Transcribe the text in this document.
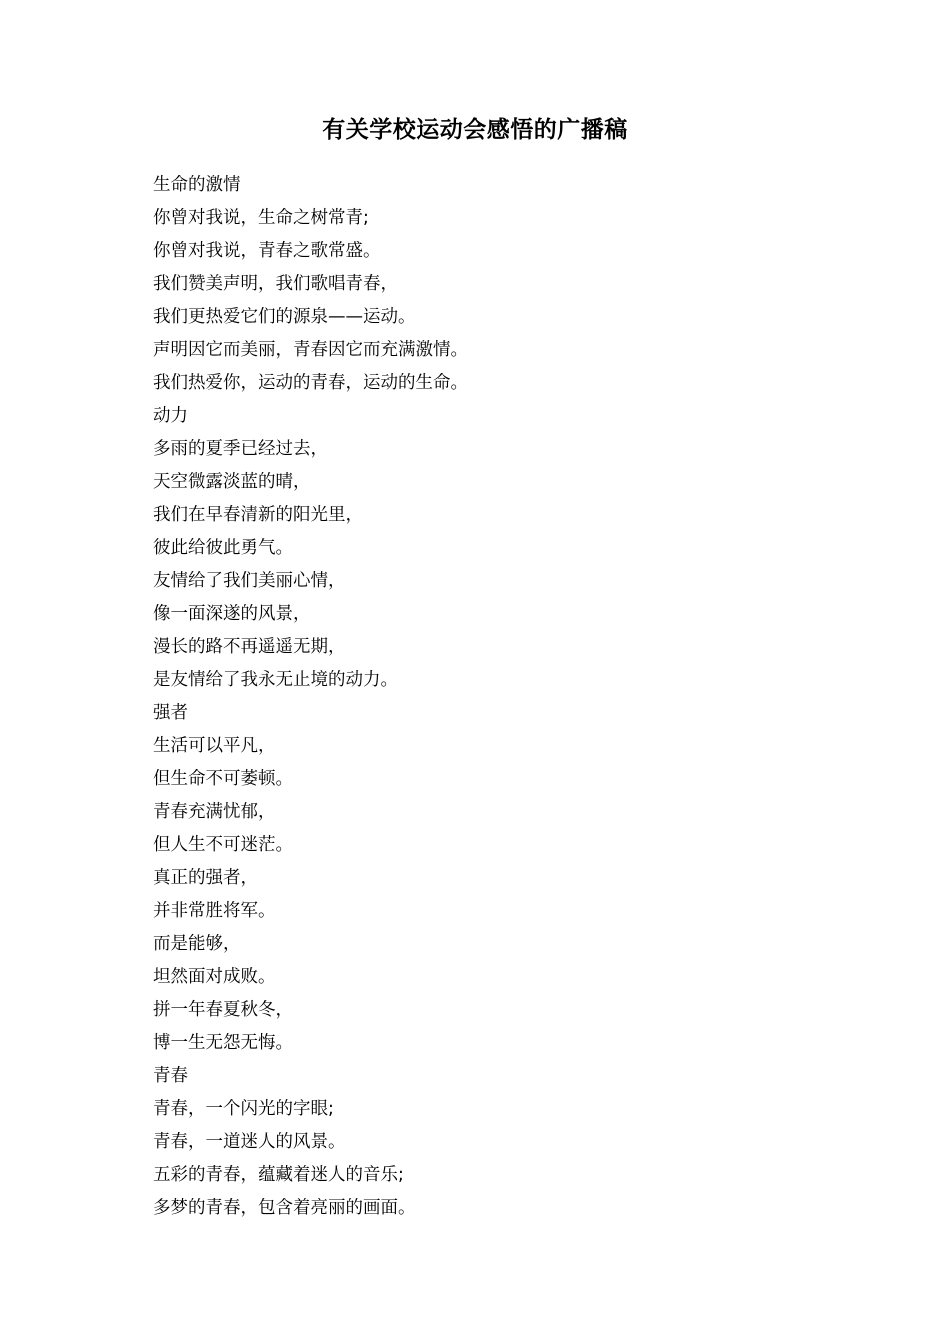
有关学校运动会感悟的广播稿
生命的激情
你曾对我说，生命之树常青;
你曾对我说，青春之歌常盛。
我们赞美声明，我们歌唱青春，
我们更热爱它们的源泉——运动。
声明因它而美丽，青春因它而充满激情。
我们热爱你，运动的青春，运动的生命。
动力
多雨的夏季已经过去，
天空微露淡蓝的晴，
我们在早春清新的阳光里，
彼此给彼此勇气。
友情给了我们美丽心情，
像一面深遂的风景，
漫长的路不再遥遥无期，
是友情给了我永无止境的动力。
强者
生活可以平凡，
但生命不可萎顿。
青春充满忧郁，
但人生不可迷茫。
真正的强者，
并非常胜将军。
而是能够，
坦然面对成败。
拼一年春夏秋冬，
博一生无怨无悔。
青春
青春，一个闪光的字眼;
青春，一道迷人的风景。
五彩的青春，蕴藏着迷人的音乐;
多梦的青春，包含着亮丽的画面。
